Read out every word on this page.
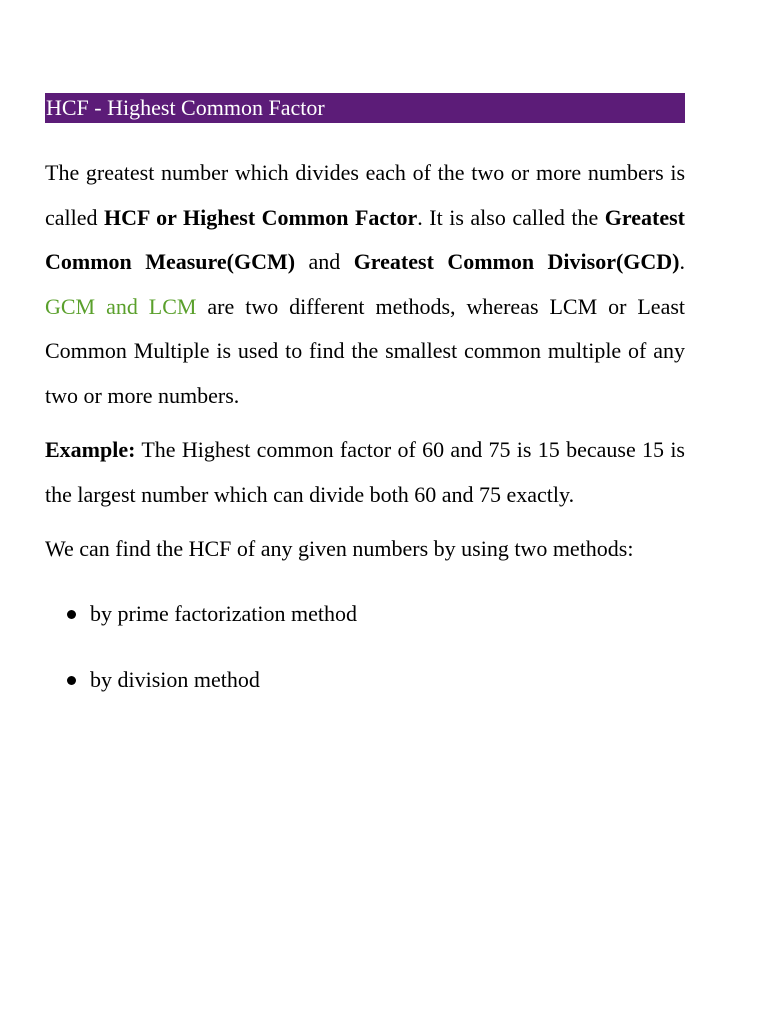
HCF - Highest Common Factor

The greatest number which divides each of the two or more numbers is called HCF or Highest Common Factor. It is also called the Greatest Common Measure(GCM) and Greatest Common Divisor(GCD). GCM and LCM are two different methods, whereas LCM or Least Common Multiple is used to find the smallest common multiple of any two or more numbers.

Example: The Highest common factor of 60 and 75 is 15 because 15 is the largest number which can divide both 60 and 75 exactly.

We can find the HCF of any given numbers by using two methods:

by prime factorization method
by division method
